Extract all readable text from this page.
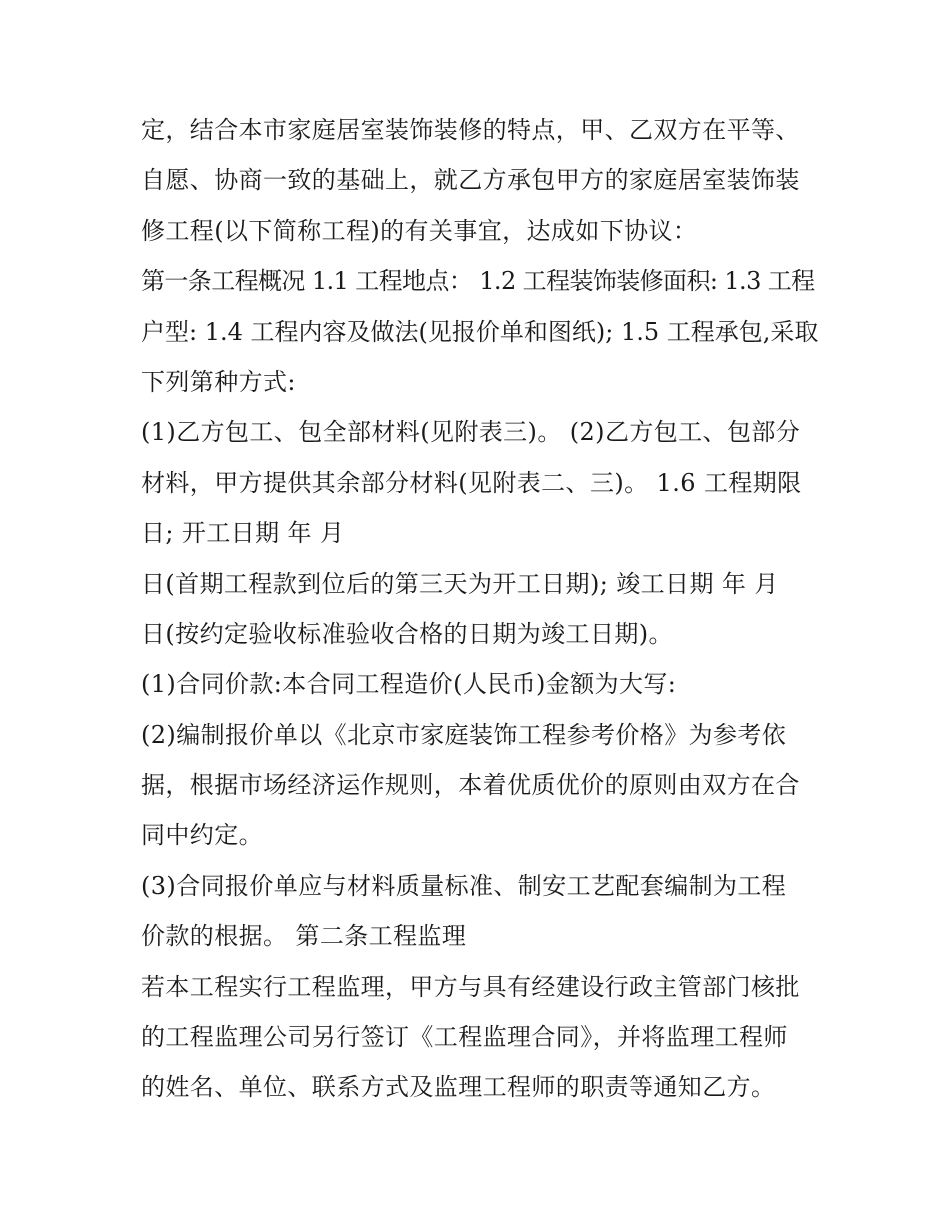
定，结合本市家庭居室装饰装修的特点，甲、乙双方在平等、

自愿、协商一致的基础上，就乙方承包甲方的家庭居室装饰装

修工程(以下简称工程)的有关事宜，达成如下协议：

第一条工程概况 1.1 工程地点： 1.2 工程装饰装修面积: 1.3 工程

户型: 1.4 工程内容及做法(见报价单和图纸); 1.5 工程承包,采取

下列第种方式:

(1)乙方包工、包全部材料(见附表三)。 (2)乙方包工、包部分

材料，甲方提供其余部分材料(见附表二、三)。 1.6 工程期限

日; 开工日期 年 月

日(首期工程款到位后的第三天为开工日期); 竣工日期 年 月

日(按约定验收标准验收合格的日期为竣工日期)。

(1)合同价款:本合同工程造价(人民币)金额为大写:

(2)编制报价单以《北京市家庭装饰工程参考价格》为参考依

据，根据市场经济运作规则，本着优质优价的原则由双方在合

同中约定。

(3)合同报价单应与材料质量标准、制安工艺配套编制为工程

价款的根据。 第二条工程监理

若本工程实行工程监理，甲方与具有经建设行政主管部门核批

的工程监理公司另行签订《工程监理合同》，并将监理工程师

的姓名、单位、联系方式及监理工程师的职责等通知乙方。
